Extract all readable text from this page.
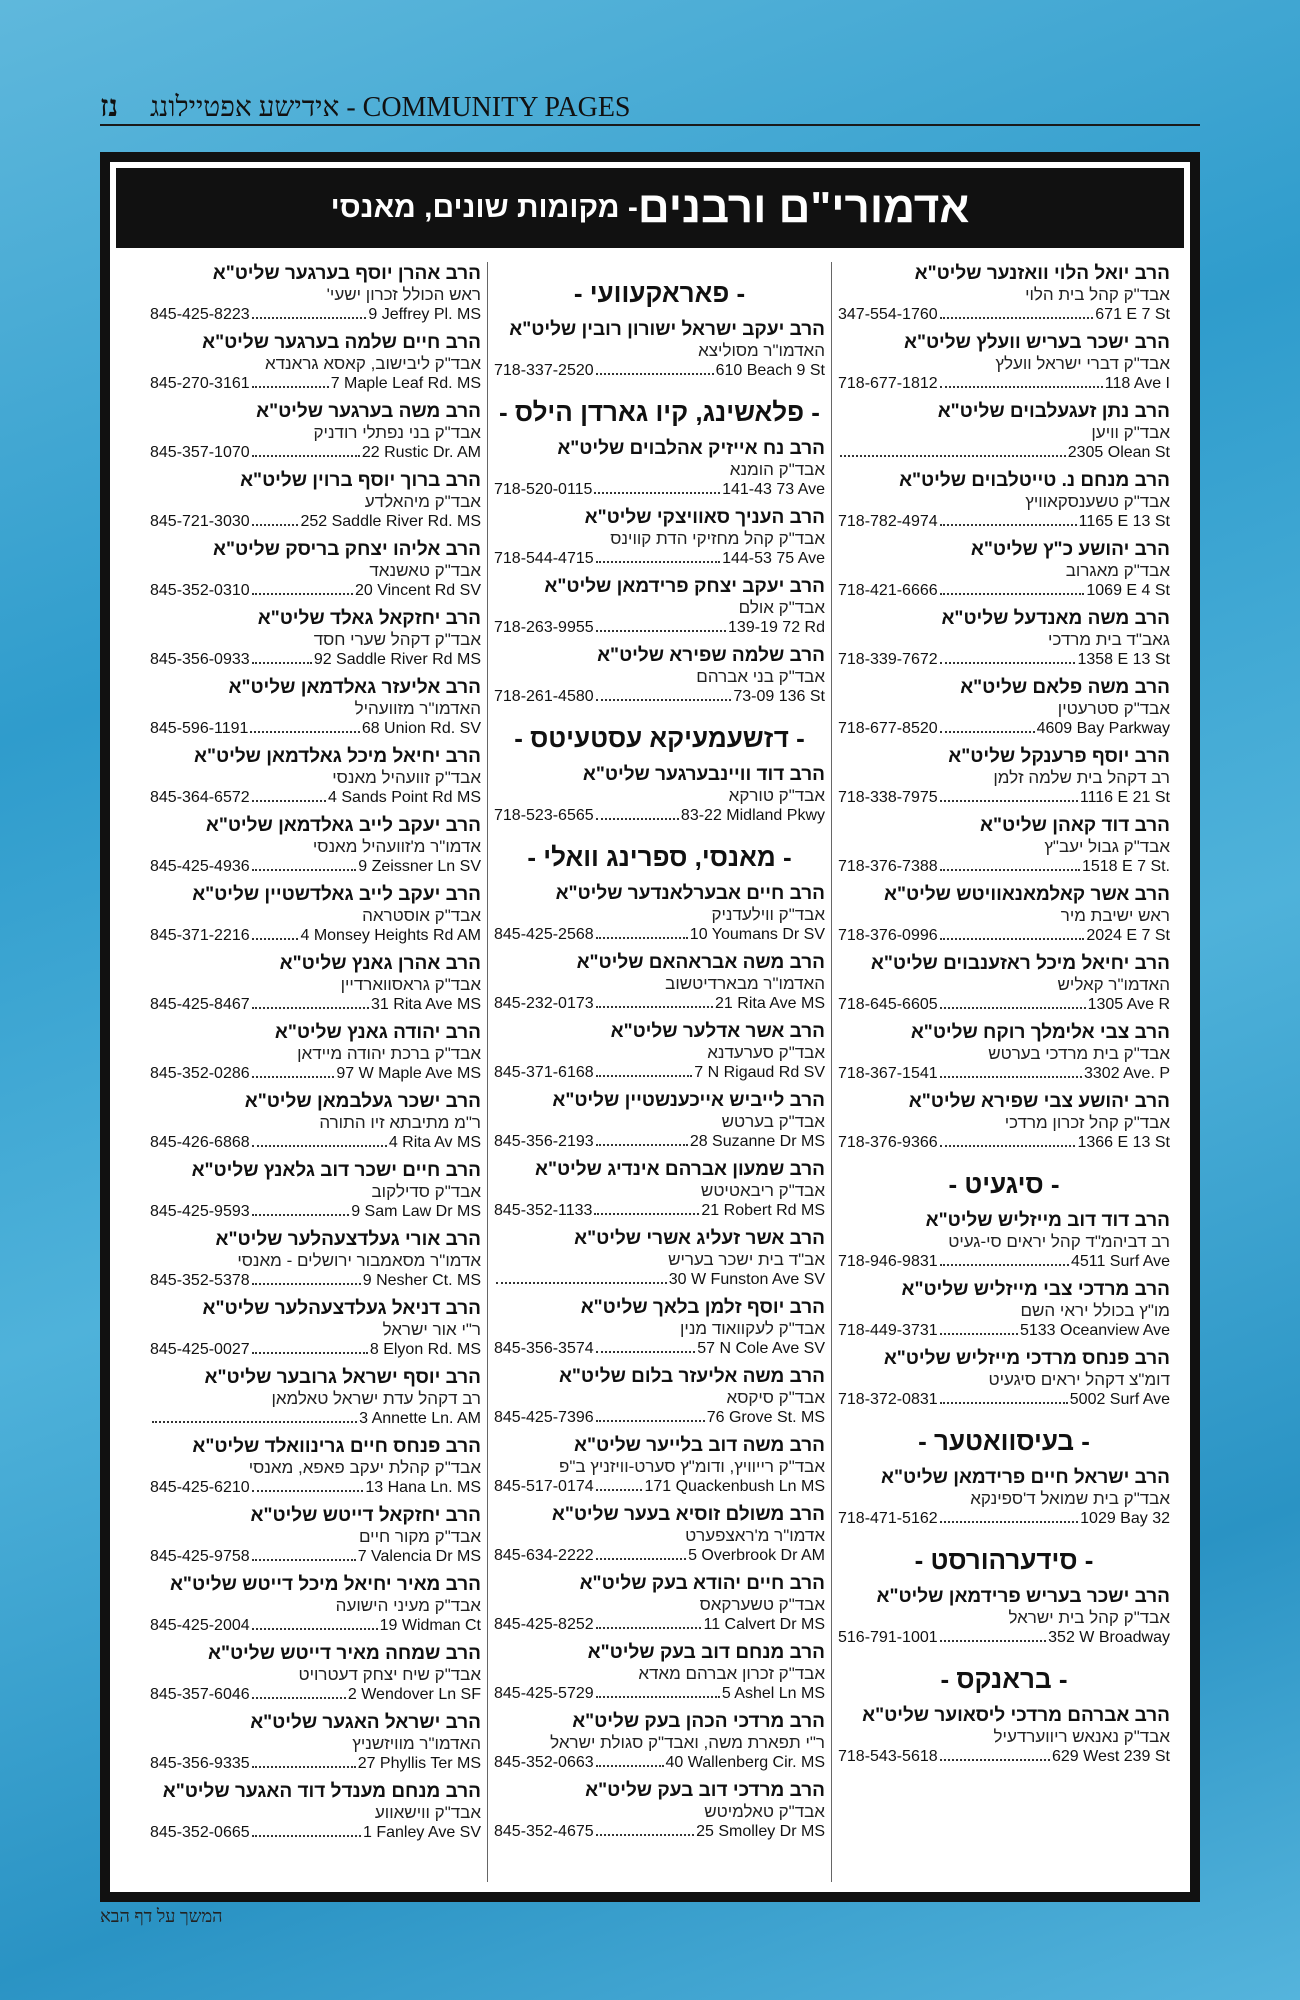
נז אידישע אפטיילונג - COMMUNITY PAGES
אדמורי"ם ורבנים
- מקומות שונים, מאנסי
הרב יואל הלוי וואזנער שליט"א
אבד"ק קהל בית הלוי
347-554-1760	671 E 7 St
הרב ישכר בעריש וועלץ שליט"א
אבד"ק דברי ישראל וועלץ
718-677-1812	118 Ave I
הרב נתן זעגעלבוים שליט"א
אבד"ק וויען
2305 Olean St
הרב מנחם נ. טייטלבוים שליט"א
אבד"ק טשענסקאוויץ
718-782-4974	1165 E 13 St
הרב יהושע כ"ץ שליט"א
אבד"ק מאגרוב
718-421-6666	1069 E 4 St
הרב משה מאנדעל שליט"א
גאב"ד בית מרדכי
718-339-7672	1358 E 13 St
הרב משה פלאם שליט"א
אבד"ק סטרעטין
718-677-8520	4609 Bay Parkway
הרב יוסף פרענקל שליט"א
רב דקהל בית שלמה זלמן
718-338-7975	1116 E 21 St
הרב דוד קאהן שליט"א
אבד"ק גבול יעב"ץ
718-376-7388	1518 E 7 St.
הרב אשר קאלמאנאוויטש שליט"א
ראש ישיבת מיר
718-376-0996	2024 E 7 St
הרב יחיאל מיכל ראזענבוים שליט"א
האדמו"ר קאליש
718-645-6605	1305 Ave R
הרב צבי אלימלך רוקח שליט"א
אבד"ק בית מרדכי בערטש
718-367-1541	3302 Ave. P
הרב יהושע צבי שפירא שליט"א
אבד"ק קהל זכרון מרדכי
718-376-9366	1366 E 13 St
- סיגעיט -
הרב דוד דוב מייזליש שליט"א
רב דביהמ"ד קהל יראים סי-געיט
718-946-9831	4511 Surf Ave
הרב מרדכי צבי מייזליש שליט"א
מו"ץ בכולל יראי השם
718-449-3731	5133 Oceanview Ave
הרב פנחס מרדכי מייזליש שליט"א
דומ"צ דקהל יראים סיגעיט
718-372-0831	5002 Surf Ave
- בעיסוואטער -
הרב ישראל חיים פרידמאן שליט"א
אבד"ק בית שמואל ד'ספינקא
718-471-5162	1029 Bay 32
- סידערהורסט -
הרב ישכר בעריש פרידמאן שליט"א
אבד"ק קהל בית ישראל
516-791-1001	352 W Broadway
- בראנקס -
הרב אברהם מרדכי ליסאוער שליט"א
אבד"ק נאנאש ריווערדעיל
718-543-5618	629 West 239 St
- פאראקעוועי -
הרב יעקב ישראל ישורון רובין שליט"א
האדמו"ר מסוליצא
718-337-2520	610 Beach 9 St
- פלאשינג, קיו גארדן הילס -
הרב נח אייזיק אהלבוים שליט"א
אבד"ק הומנא
718-520-0115	141-43 73 Ave
הרב העניך סאוויצקי שליט"א
אבד"ק קהל מחזיקי הדת קווינס
718-544-4715	144-53 75 Ave
הרב יעקב יצחק פרידמאן שליט"א
אבד"ק אולם
718-263-9955	139-19 72 Rd
הרב שלמה שפירא שליט"א
אבד"ק בני אברהם
718-261-4580	73-09 136 St
- דזשעמעיקא עסטעיטס -
הרב דוד וויינבערגער שליט"א
אבד"ק טורקא
718-523-6565	83-22 Midland Pkwy
- מאנסי, ספרינג וואלי -
הרב חיים אבערלאנדער שליט"א
אבד"ק ווילעדניק
845-425-2568	10 Youmans Dr SV
הרב משה אבראהאם שליט"א
האדמו"ר מבארדיטשוב
845-232-0173	21 Rita Ave MS
הרב אשר אדלער שליט"א
אבד"ק סערעדנא
845-371-6168	7 N Rigaud Rd SV
הרב לייביש אייכענשטיין שליט"א
אבד"ק בערטש
845-356-2193	28 Suzanne Dr MS
הרב שמעון אברהם אינדיג שליט"א
אבד"ק ריבאטיטש
845-352-1133	21 Robert Rd MS
הרב אשר זעליג אשרי שליט"א
אב"ד בית ישכר בעריש
30 W Funston Ave SV
הרב יוסף זלמן בלאך שליט"א
אבד"ק לעקוואוד מנין
845-356-3574	57 N Cole Ave SV
הרב משה אליעזר בלום שליט"א
אבד"ק סיקסא
845-425-7396	76 Grove St. MS
הרב משה דוב בלייער שליט"א
אבד"ק רייוויץ, ודומ"ץ סערט-וויזניץ ב"פ
845-517-0174	171 Quackenbush Ln MS
הרב משולם זוסיא בעער שליט"א
אדמו"ר מ'ראצפערט
845-634-2222	5 Overbrook Dr AM
הרב חיים יהודא בעק שליט"א
אבד"ק טשערקאס
845-425-8252	11 Calvert Dr MS
הרב מנחם דוב בעק שליט"א
אבד"ק זכרון אברהם מאדא
845-425-5729	5 Ashel Ln MS
הרב מרדכי הכהן בעק שליט"א
ר"י תפארת משה, ואבד"ק סגולת ישראל
845-352-0663	40 Wallenberg Cir. MS
הרב מרדכי דוב בעק שליט"א
אבד"ק טאלמיטש
845-352-4675	25 Smolley Dr MS
הרב אהרן יוסף בערגער שליט"א
ראש הכולל זכרון ישעי'
845-425-8223	9 Jeffrey Pl. MS
הרב חיים שלמה בערגער שליט"א
אבד"ק ליבישוב, קאסא גראנדא
845-270-3161	7 Maple Leaf Rd. MS
הרב משה בערגער שליט"א
אבד"ק בני נפתלי רודניק
845-357-1070	22 Rustic Dr. AM
הרב ברוך יוסף ברוין שליט"א
אבד"ק מיהאלדע
845-721-3030	252 Saddle River Rd. MS
הרב אליהו יצחק בריסק שליט"א
אבד"ק טאשנאד
845-352-0310	20 Vincent Rd SV
הרב יחזקאל גאלד שליט"א
אבד"ק דקהל שערי חסד
845-356-0933	92 Saddle River Rd MS
הרב אליעזר גאלדמאן שליט"א
האדמו"ר מזוועהיל
845-596-1191	68 Union Rd. SV
הרב יחיאל מיכל גאלדמאן שליט"א
אבד"ק זוועהיל מאנסי
845-364-6572	4 Sands Point Rd MS
הרב יעקב לייב גאלדמאן שליט"א
אדמו"ר מ'זוועהיל מאנסי
845-425-4936	9 Zeissner Ln SV
הרב יעקב לייב גאלדשטיין שליט"א
אבד"ק אוסטראה
845-371-2216	4 Monsey Heights Rd AM
הרב אהרן גאנץ שליט"א
אבד"ק גראסווארדיין
845-425-8467	31 Rita Ave MS
הרב יהודה גאנץ שליט"א
אבד"ק ברכת יהודה מיידאן
845-352-0286	97 W Maple Ave MS
הרב ישכר געלבמאן שליט"א
ר"מ מתיבתא זיו התורה
845-426-6868	4 Rita Av MS
הרב חיים ישכר דוב גלאנץ שליט"א
אבד"ק סדילקוב
845-425-9593	9 Sam Law Dr MS
הרב אורי געלדצעהלער שליט"א
אדמו"ר מסאמבור ירושלים - מאנסי
845-352-5378	9 Nesher Ct. MS
הרב דניאל געלדצעהלער שליט"א
ר"י אור ישראל
845-425-0027	8 Elyon Rd. MS
הרב יוסף ישראל גרובער שליט"א
רב דקהל עדת ישראל טאלמאן
3 Annette Ln. AM
הרב פנחס חיים גרינוואלד שליט"א
אבד"ק קהלת יעקב פאפא, מאנסי
845-425-6210	13 Hana Ln. MS
הרב יחזקאל דייטש שליט"א
אבד"ק מקור חיים
845-425-9758	7 Valencia Dr MS
הרב מאיר יחיאל מיכל דייטש שליט"א
אבד"ק מעיני הישועה
845-425-2004	19 Widman Ct
הרב שמחה מאיר דייטש שליט"א
אבד"ק שיח יצחק דעטרויט
845-357-6046	2 Wendover Ln SF
הרב ישראל האגער שליט"א
האדמו"ר מוויזשניץ
845-356-9335	27 Phyllis Ter MS
הרב מנחם מענדל דוד האגער שליט"א
אבד"ק ווישאווע
845-352-0665	1 Fanley Ave SV
המשך על דף הבא
